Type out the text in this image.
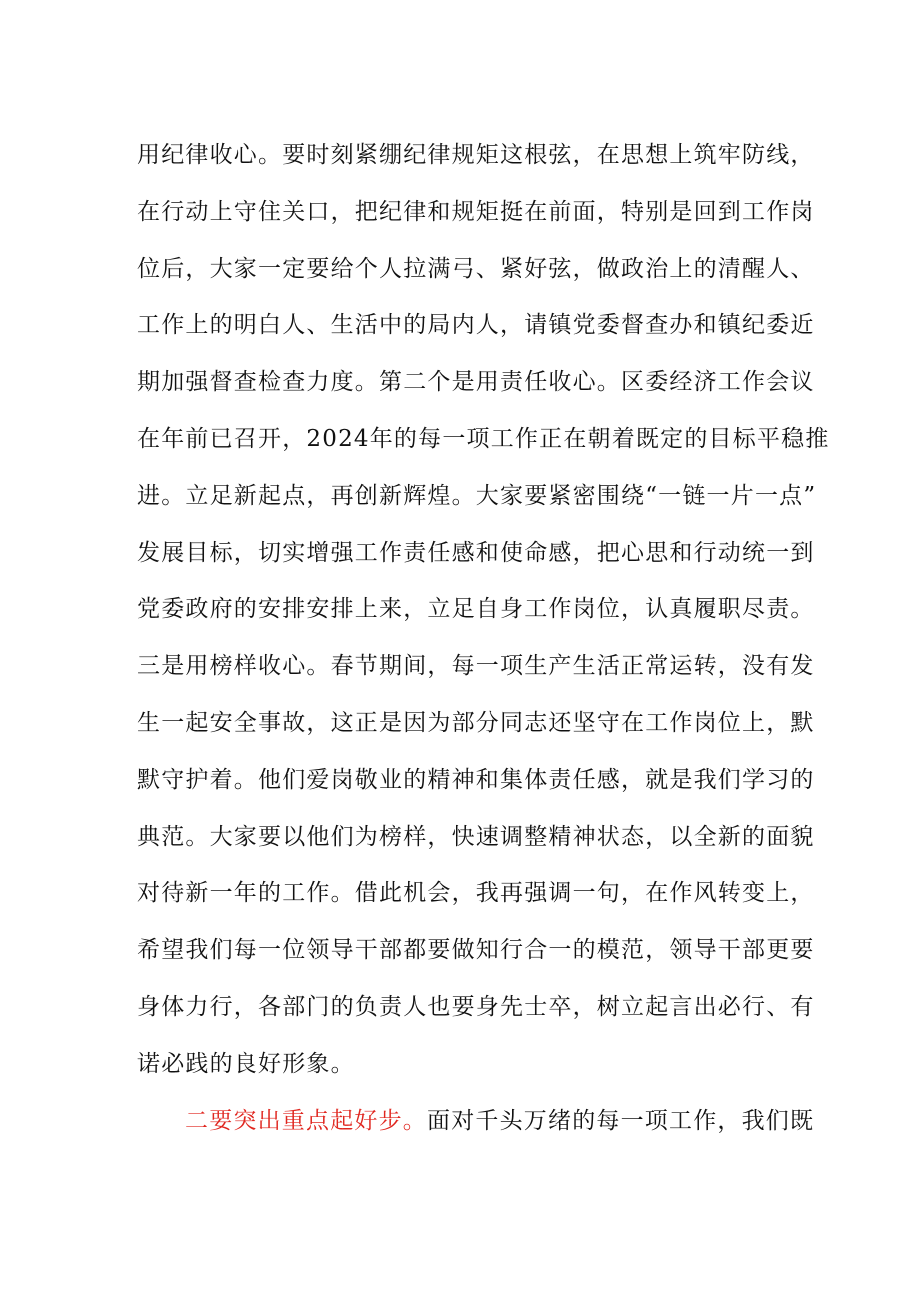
用纪律收心。要时刻紧绷纪律规矩这根弦，在思想上筑牢防线，
在行动上守住关口，把纪律和规矩挺在前面，特别是回到工作岗
位后，大家一定要给个人拉满弓、紧好弦，做政治上的清醒人、
工作上的明白人、生活中的局内人，请镇党委督查办和镇纪委近
期加强督查检查力度。第二个是用责任收心。区委经济工作会议
在年前已召开，2024年的每一项工作正在朝着既定的目标平稳推
进。立足新起点，再创新辉煌。大家要紧密围绕“一链一片一点”
发展目标，切实增强工作责任感和使命感，把心思和行动统一到
党委政府的安排安排上来，立足自身工作岗位，认真履职尽责。
三是用榜样收心。春节期间，每一项生产生活正常运转，没有发
生一起安全事故，这正是因为部分同志还坚守在工作岗位上，默
默守护着。他们爱岗敬业的精神和集体责任感，就是我们学习的
典范。大家要以他们为榜样，快速调整精神状态，以全新的面貌
对待新一年的工作。借此机会，我再强调一句，在作风转变上，
希望我们每一位领导干部都要做知行合一的模范，领导干部更要
身体力行，各部门的负责人也要身先士卒，树立起言出必行、有
诺必践的良好形象。
二要突出重点起好步。面对千头万绪的每一项工作，我们既
